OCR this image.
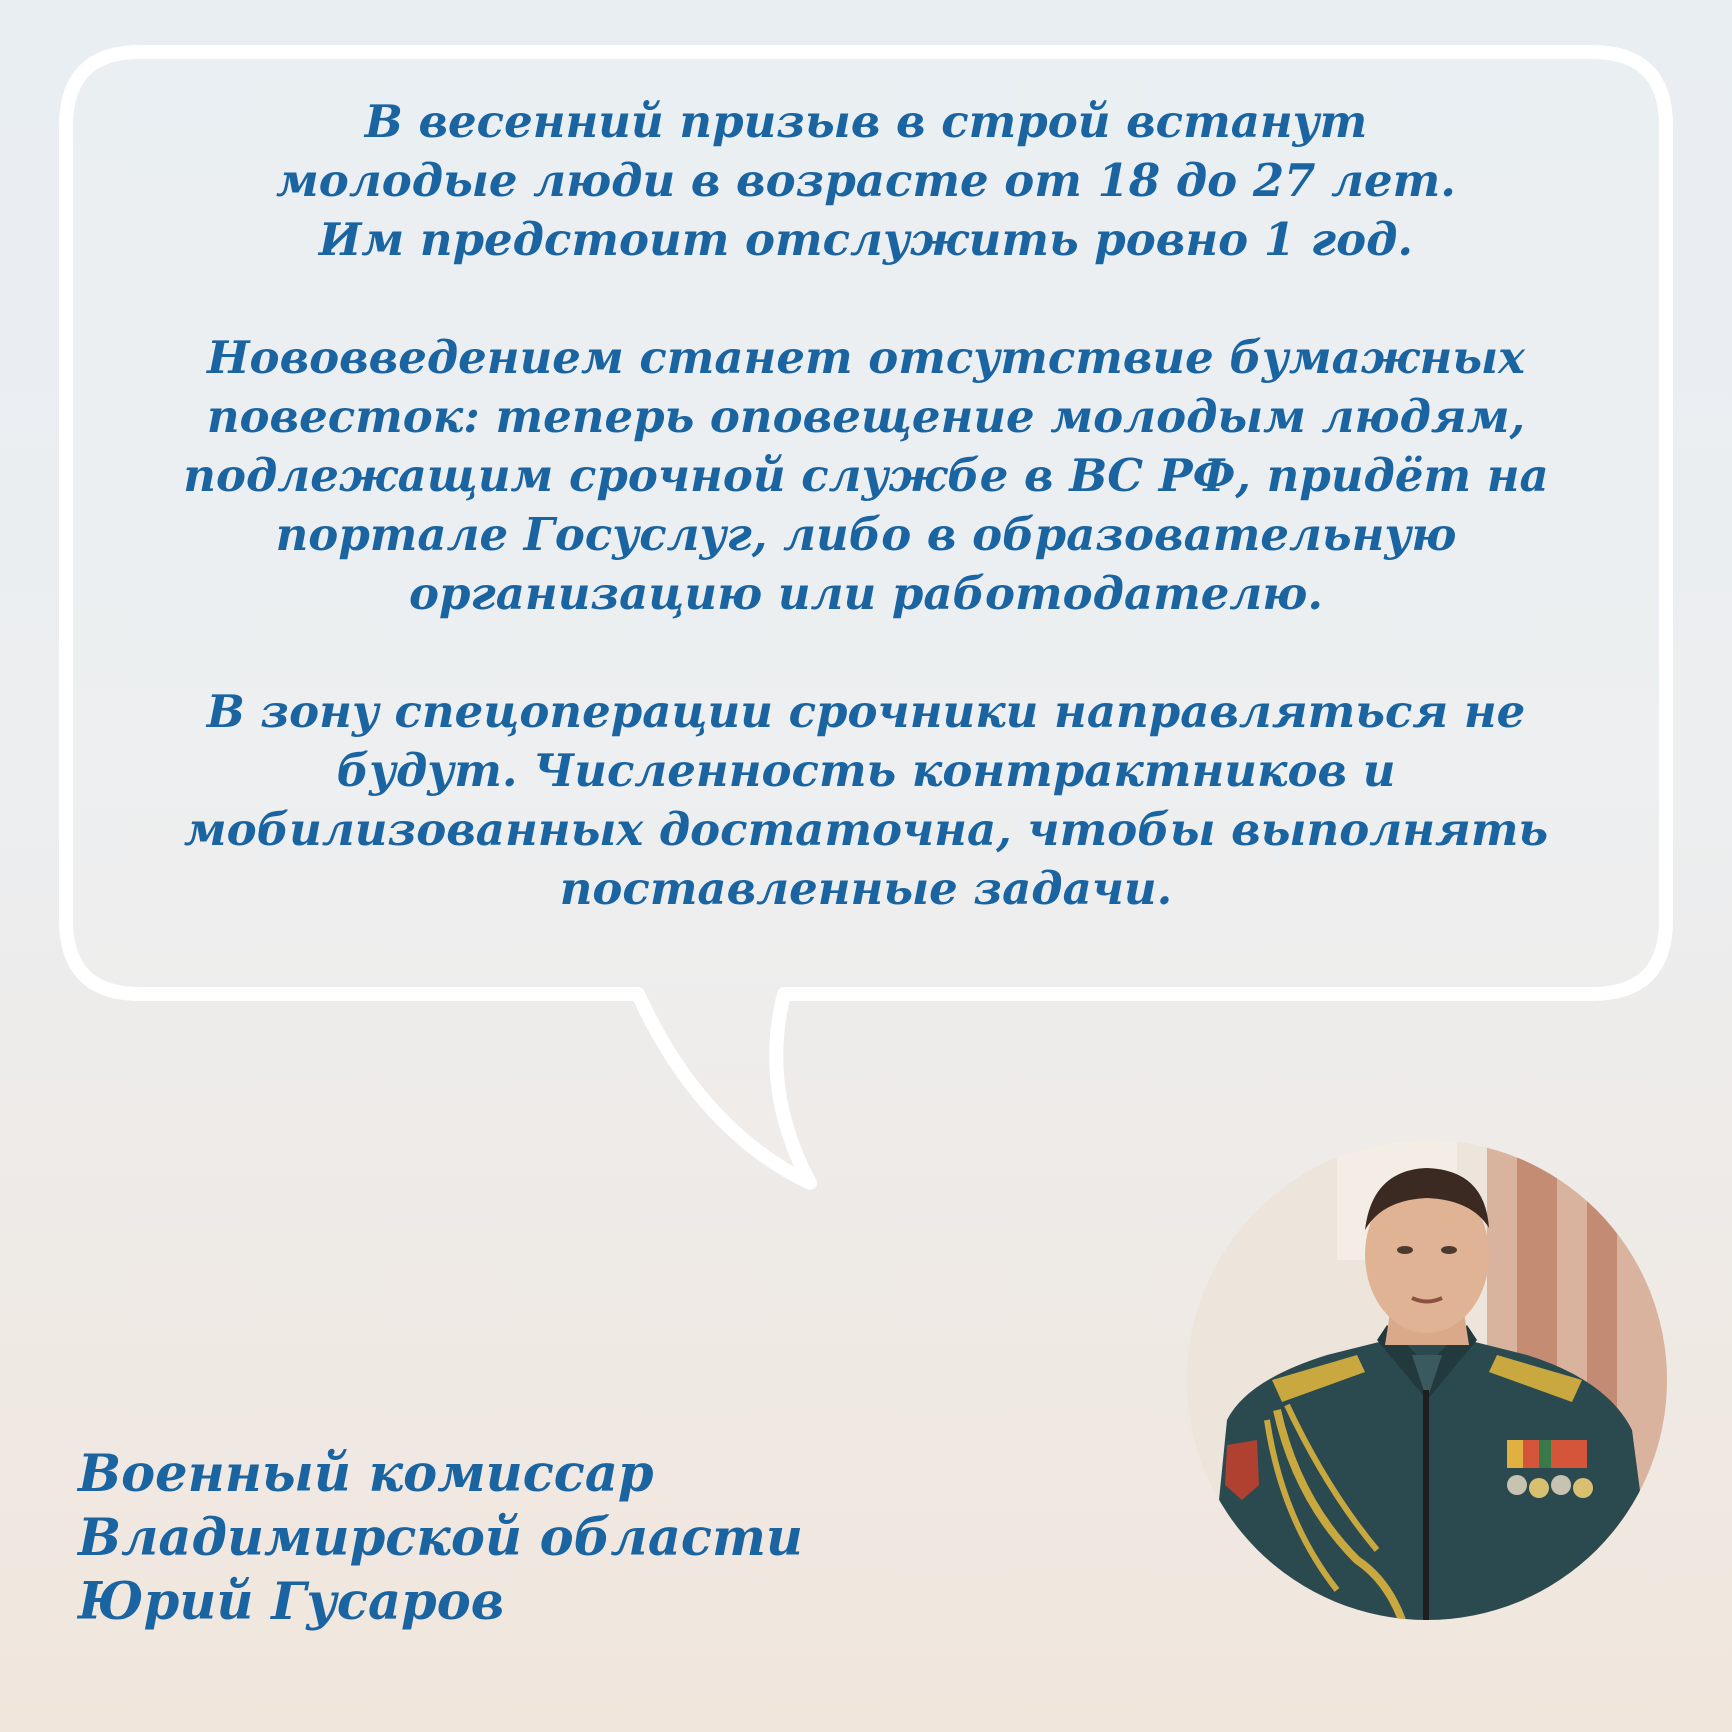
В весенний призыв в строй встанут
молодые люди в возрасте от 18 до 27 лет.
Им предстоит отслужить ровно 1 год.

Нововведением станет отсутствие бумажных
повесток: теперь оповещение молодым людям,
подлежащим срочной службе в ВС РФ, придёт на
портале Госуслуг, либо в образовательную
организацию или работодателю.

В зону спецоперации срочники направляться не
будут. Численность контрактников и
мобилизованных достаточна, чтобы выполнять
поставленные задачи.

Военный комиссар
Владимирской области
Юрий Гусаров
